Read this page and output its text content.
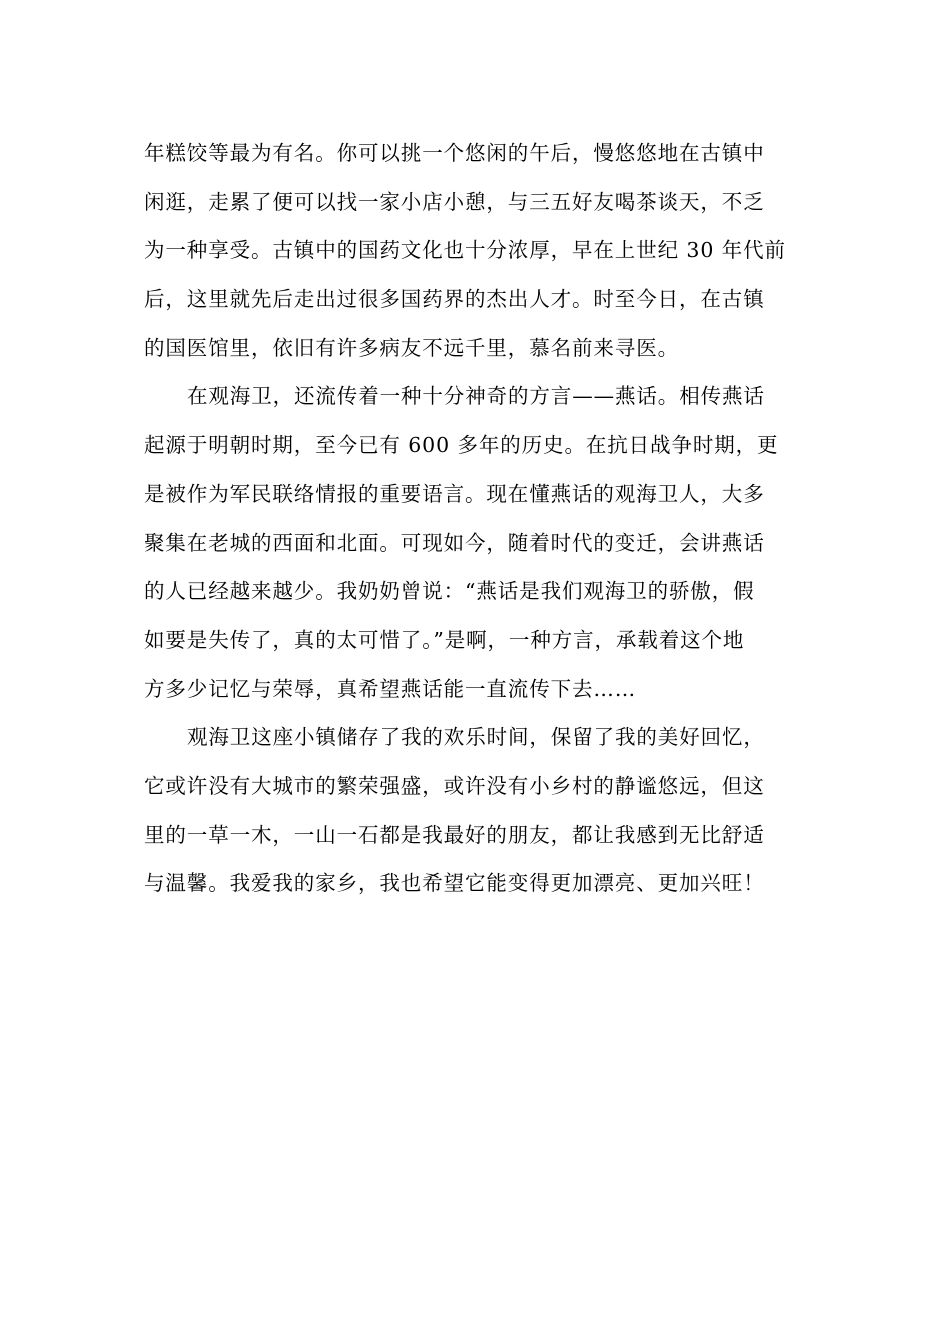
年糕饺等最为有名。你可以挑一个悠闲的午后，慢悠悠地在古镇中
闲逛，走累了便可以找一家小店小憩，与三五好友喝茶谈天，不乏
为一种享受。古镇中的国药文化也十分浓厚，早在上世纪 30 年代前
后，这里就先后走出过很多国药界的杰出人才。时至今日，在古镇
的国医馆里，依旧有许多病友不远千里，慕名前来寻医。

在观海卫，还流传着一种十分神奇的方言——燕话。相传燕话
起源于明朝时期，至今已有 600 多年的历史。在抗日战争时期，更
是被作为军民联络情报的重要语言。现在懂燕话的观海卫人，大多
聚集在老城的西面和北面。可现如今，随着时代的变迁，会讲燕话
的人已经越来越少。我奶奶曾说：“燕话是我们观海卫的骄傲，假
如要是失传了，真的太可惜了。”是啊，一种方言，承载着这个地
方多少记忆与荣辱，真希望燕话能一直流传下去……

观海卫这座小镇储存了我的欢乐时间，保留了我的美好回忆，
它或许没有大城市的繁荣强盛，或许没有小乡村的静谧悠远，但这
里的一草一木，一山一石都是我最好的朋友，都让我感到无比舒适
与温馨。我爱我的家乡，我也希望它能变得更加漂亮、更加兴旺！
